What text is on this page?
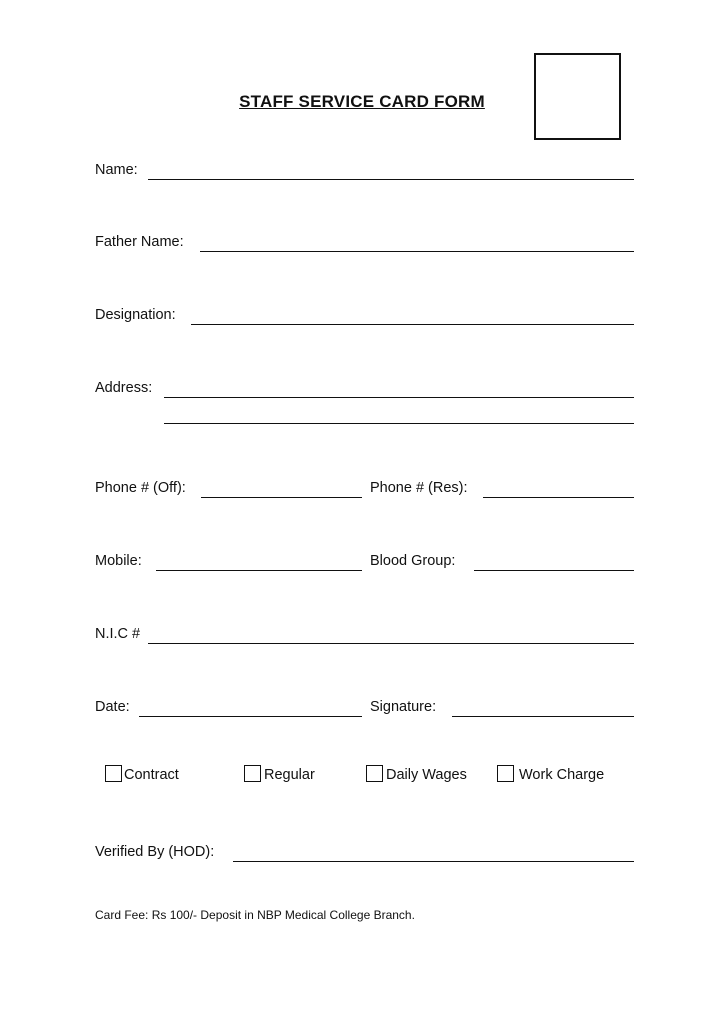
STAFF SERVICE CARD FORM
Name:
Father Name:
Designation:
Address:
Phone # (Off):	Phone # (Res):
Mobile:	Blood Group:
N.I.C #
Date:	Signature:
Contract	Regular	Daily Wages	Work Charge
Verified By (HOD):
Card Fee: Rs 100/- Deposit in NBP Medical College Branch.
